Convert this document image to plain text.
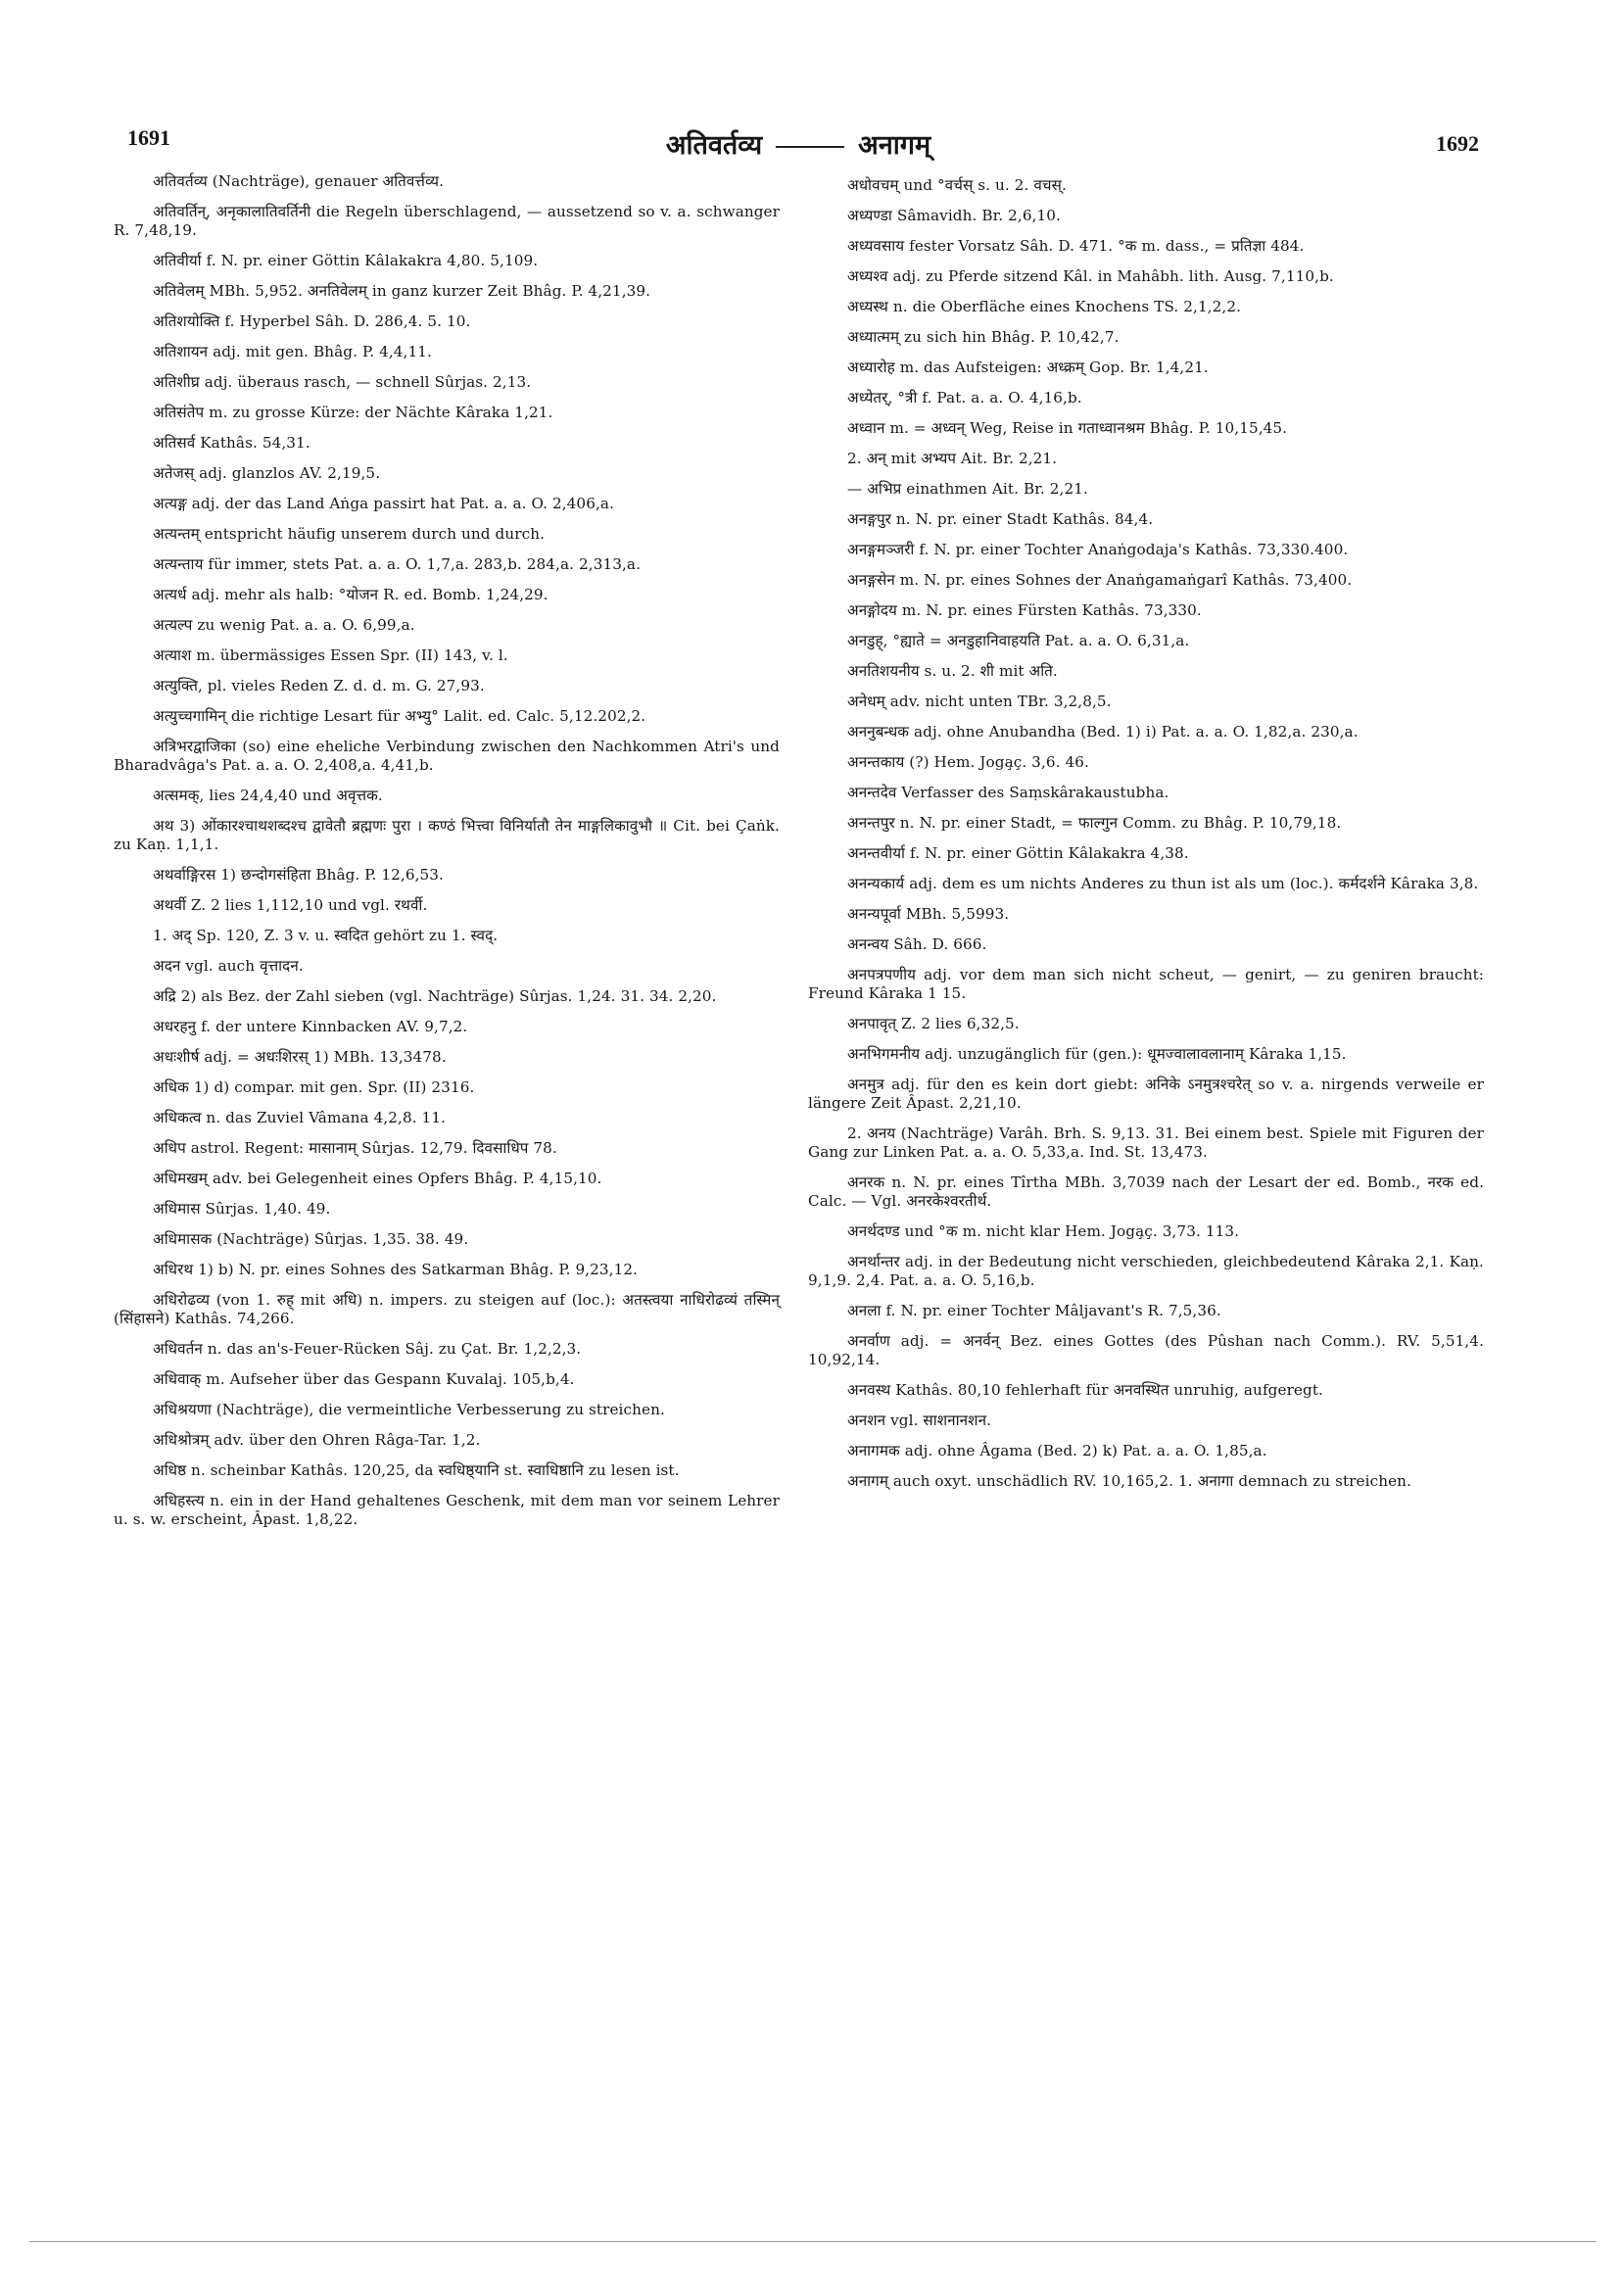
1691	अतिवर्तव्य	अनागम्	1692

अतिवर्तव्य (Nachträge), genauer अतिवर्त्तव्य.

अतिवर्तिन्, अनृकालातिवर्तिनी die Regeln überschlagend, — aussetzend so v. a. schwanger R. 7,48,19.

अतिवीर्या f. N. pr. einer Göttin Kâlakakra 4,80. 5,109.

अतिवेलम् MBh. 5,952. अनतिवेलम् in ganz kurzer Zeit Bhâg. P. 4,21,39.

अतिशयोक्ति f. Hyperbel Sâh. D. 286,4. 5. 10.

अतिशायन adj. mit gen. Bhâg. P. 4,4,11.

अतिशीघ्र adj. überaus rasch, — schnell Sûrjas. 2,13.

अतिसंतेप m. zu grosse Kürze: der Nächte Kâraka 1,21.

अतिसर्व Kathâs. 54,31.

अतेजस् adj. glanzlos AV. 2,19,5.

अत्यङ्ग adj. der das Land Aṅga passirt hat Pat. a. a. O. 2,406,a.

अत्यन्तम् entspricht häufig unserem durch und durch.

अत्यन्ताय für immer, stets Pat. a. a. O. 1,7,a. 283,b. 284,a. 2,313,a.

अत्यर्ध adj. mehr als halb: °योजन R. ed. Bomb. 1,24,29.

अत्यल्प zu wenig Pat. a. a. O. 6,99,a.

अत्याश m. übermässiges Essen Spr. (II) 143, v. l.

अत्युक्ति, pl. vieles Reden Z. d. d. m. G. 27,93.

अत्युच्चगामिन् die richtige Lesart für अभ्यु° Lalit. ed. Calc. 5,12.202,2.

अत्रिभरद्वाजिका (so) eine eheliche Verbindung zwischen den Nachkommen Atri's und Bharadvâga's Pat. a. a. O. 2,408,a. 4,41,b.

अत्समक्, lies 24,4,40 und अवृत्तक.

अथ 3) ओंकारश्चाथशब्दश्च द्वावेतौ ब्रह्मणः पुरा । कण्ठं भित्त्वा विनिर्यातौ तेन माङ्गलिकावुभौ ॥ Cit. bei Çaṅk. zu Kaṇ. 1,1,1.

अथर्वाङ्गिरस 1) छन्दोगसंहिता Bhâg. P. 12,6,53.

अथर्वी Z. 2 lies 1,112,10 und vgl. रथर्वी.

1. अद् Sp. 120, Z. 3 v. u. स्वदित gehört zu 1. स्वद्.

अदन vgl. auch वृत्तादन.

अद्रि 2) als Bez. der Zahl sieben (vgl. Nachträge) Sûrjas. 1,24. 31. 34. 2,20.

अधरहनु f. der untere Kinnbacken AV. 9,7,2.

अधःशीर्ष adj. = अधःशिरस् 1) MBh. 13,3478.

अधिक 1) d) compar. mit gen. Spr. (II) 2316.

अधिकत्व n. das Zuviel Vâmana 4,2,8. 11.

अधिप astrol. Regent: मासानाम् Sûrjas. 12,79. दिवसाधिप 78.

अधिमखम् adv. bei Gelegenheit eines Opfers Bhâg. P. 4,15,10.

अधिमास Sûrjas. 1,40. 49.

अधिमासक (Nachträge) Sûrjas. 1,35. 38. 49.

अधिरथ 1) b) N. pr. eines Sohnes des Satkarman Bhâg. P. 9,23,12.

अधिरोढव्य (von 1. रुह् mit अधि) n. impers. zu steigen auf (loc.): अतस्त्वया नाधिरोढव्यं तस्मिन् (सिंहासने) Kathâs. 74,266.

अधिवर्तन n. das an's-Feuer-Rücken Sâj. zu Çat. Br. 1,2,2,3.

अधिवाक् m. Aufseher über das Gespann Kuvalaj. 105,b,4.

अधिश्रयणा (Nachträge), die vermeintliche Verbesserung zu streichen.

अधिश्रोत्रम् adv. über den Ohren Râga-Tar. 1,2.

अधिष्ठ n. scheinbar Kathâs. 120,25, da स्वधिष्ठ्यानि st. स्वाधिष्ठानि zu lesen ist.

अधिहस्त्य n. ein in der Hand gehaltenes Geschenk, mit dem man vor seinem Lehrer u. s. w. erscheint, Âpast. 1,8,22.

अधोवचम् und °वर्चस् s. u. 2. वचस्.

अध्यण्डा Sâmavidh. Br. 2,6,10.

अध्यवसाय fester Vorsatz Sâh. D. 471. °क m. dass., = प्रतिज्ञा 484.

अध्यश्व adj. zu Pferde sitzend Kâl. in Mahâbh. lith. Ausg. 7,110,b.

अध्यस्थ n. die Oberfläche eines Knochens TS. 2,1,2,2.

अध्यात्मम् zu sich hin Bhâg. P. 10,42,7.

अध्यारोह m. das Aufsteigen: अध्क्रम् Gop. Br. 1,4,21.

अध्येतर्, °त्री f. Pat. a. a. O. 4,16,b.

अध्वान m. = अध्वन् Weg, Reise in गताध्वानश्रम Bhâg. P. 10,15,45.

2. अन् mit अभ्यप Ait. Br. 2,21.

— अभिप्र einathmen Ait. Br. 2,21.

अनङ्गपुर n. N. pr. einer Stadt Kathâs. 84,4.

अनङ्गमञ्जरी f. N. pr. einer Tochter Anaṅgodaja's Kathâs. 73,330.400.

अनङ्गसेन m. N. pr. eines Sohnes der Anaṅgamaṅgarî Kathâs. 73,400.

अनङ्गोदय m. N. pr. eines Fürsten Kathâs. 73,330.

अनडुह्, °ह्याते = अनडुहानिवाहयति Pat. a. a. O. 6,31,a.

अनतिशयनीय s. u. 2. शी mit अति.

अनेधम् adv. nicht unten TBr. 3,2,8,5.

अननुबन्धक adj. ohne Anubandha (Bed. 1) i) Pat. a. a. O. 1,82,a. 230,a.

अनन्तकाय (?) Hem. Joga̧ç. 3,6. 46.

अनन्तदेव Verfasser des Saṃskârakaustubha.

अनन्तपुर n. N. pr. einer Stadt, = फाल्गुन Comm. zu Bhâg. P. 10,79,18.

अनन्तवीर्या f. N. pr. einer Göttin Kâlakakra 4,38.

अनन्यकार्य adj. dem es um nichts Anderes zu thun ist als um (loc.). कर्मदर्शने Kâraka 3,8.

अनन्यपूर्वा MBh. 5,5993.

अनन्वय Sâh. D. 666.

अनपत्रपणीय adj. vor dem man sich nicht scheut, — genirt, — zu geniren braucht: Freund Kâraka 1 15.

अनपावृत् Z. 2 lies 6,32,5.

अनभिगमनीय adj. unzugänglich für (gen.): धूमज्वालावलानाम् Kâraka 1,15.

अनमुत्र adj. für den es kein dort giebt: अनिके ऽनमुत्रश्चरेत् so v. a. nirgends verweile er längere Zeit Âpast. 2,21,10.

2. अनय (Nachträge) Varâh. Brh. S. 9,13. 31. Bei einem best. Spiele mit Figuren der Gang zur Linken Pat. a. a. O. 5,33,a. Ind. St. 13,473.

अनरक n. N. pr. eines Tîrtha MBh. 3,7039 nach der Lesart der ed. Bomb., नरक ed. Calc. — Vgl. अनरकेश्वरतीर्थ.

अनर्थदण्ड und °क m. nicht klar Hem. Joga̧ç. 3,73. 113.

अनर्थान्तर adj. in der Bedeutung nicht verschieden, gleichbedeutend Kâraka 2,1. Kaṇ. 9,1,9. 2,4. Pat. a. a. O. 5,16,b.

अनला f. N. pr. einer Tochter Mâljavant's R. 7,5,36.

अनर्वाण adj. = अनर्वन् Bez. eines Gottes (des Pûshan nach Comm.). RV. 5,51,4. 10,92,14.

अनवस्थ Kathâs. 80,10 fehlerhaft für अनवस्थित unruhig, aufgeregt.

अनशन vgl. साशनानशन.

अनागमक adj. ohne Âgama (Bed. 2) k) Pat. a. a. O. 1,85,a.

अनागम् auch oxyt. unschädlich RV. 10,165,2. 1. अनागा demnach zu streichen.
